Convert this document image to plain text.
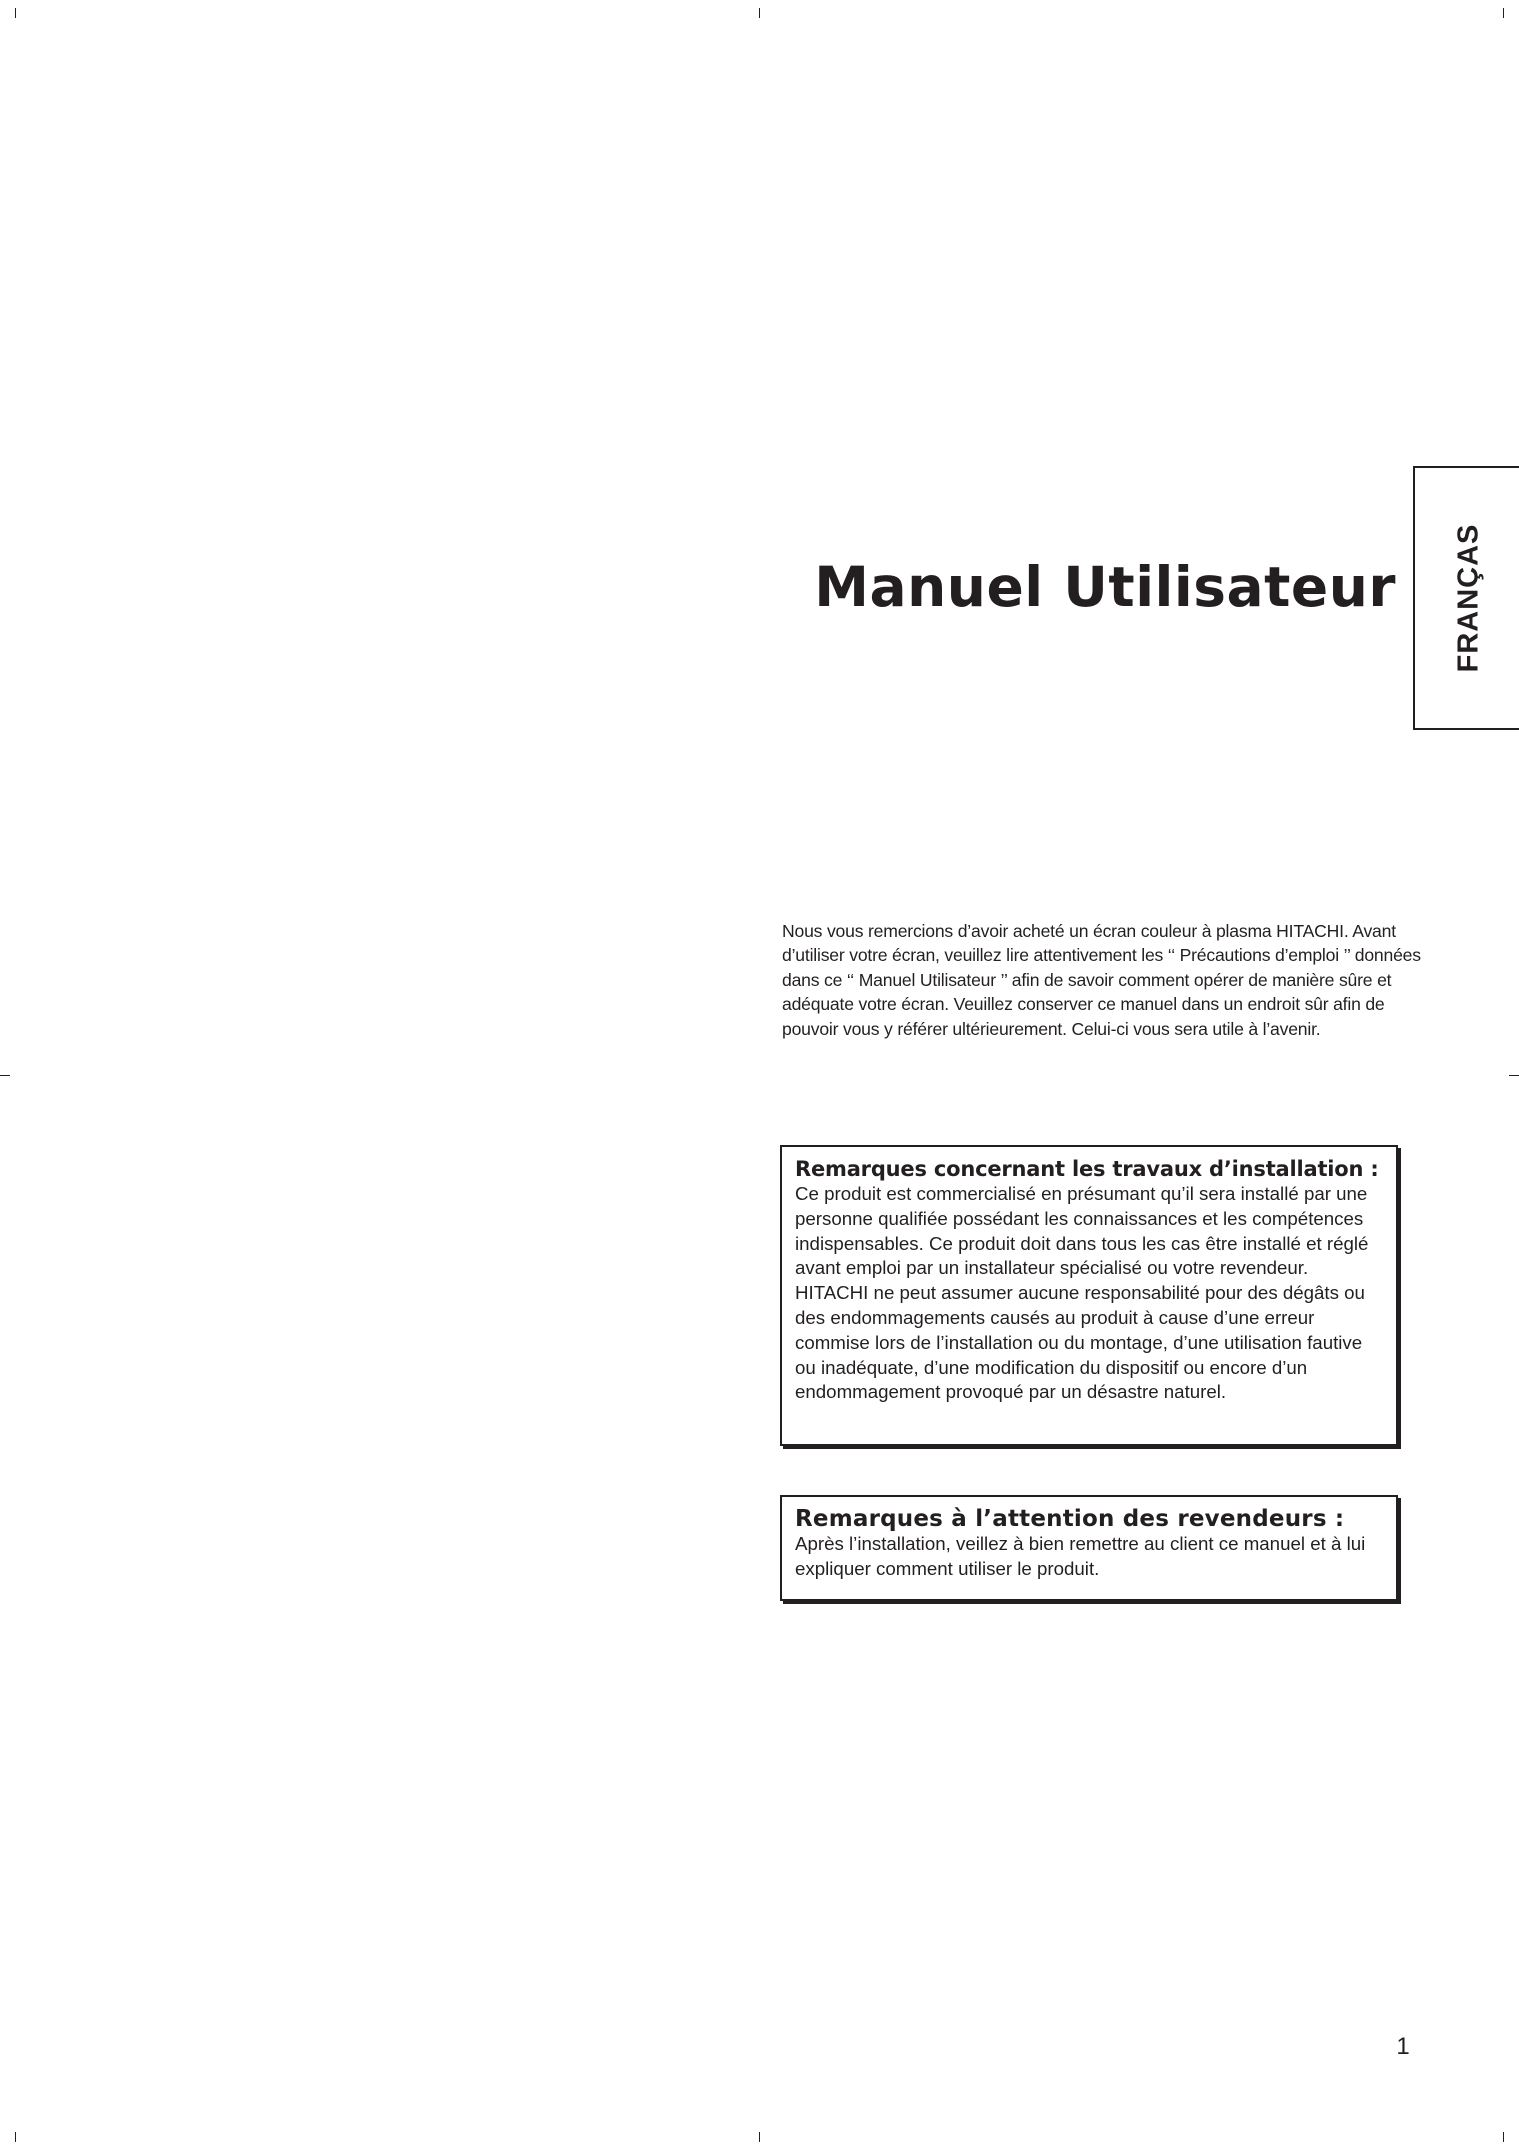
Manuel Utilisateur FRANÇAS

Nous vous remercions d’avoir acheté un écran couleur à plasma HITACHI. Avant d’utiliser votre écran, veuillez lire attentivement les ‘‘ Précautions d’emploi ’’ données dans ce ‘‘ Manuel Utilisateur ’’ afin de savoir comment opérer de manière sûre et adéquate votre écran. Veuillez conserver ce manuel dans un endroit sûr afin de pouvoir vous y référer ultérieurement. Celui-ci vous sera utile à l’avenir.

Remarques concernant les travaux d’installation :

Ce produit est commercialisé en présumant qu’il sera installé par une personne qualifiée possédant les connaissances et les compétences indispensables. Ce produit doit dans tous les cas être installé et réglé avant emploi par un installateur spécialisé ou votre revendeur. HITACHI ne peut assumer aucune responsabilité pour des dégâts ou des endommagements causés au produit à cause d’une erreur commise lors de l’installation ou du montage, d’une utilisation fautive ou inadéquate, d’une modification du dispositif ou encore d’un endommagement provoqué par un désastre naturel.

Remarques à l’attention des revendeurs :

Après l’installation, veillez à bien remettre au client ce manuel et à lui expliquer comment utiliser le produit.

1
